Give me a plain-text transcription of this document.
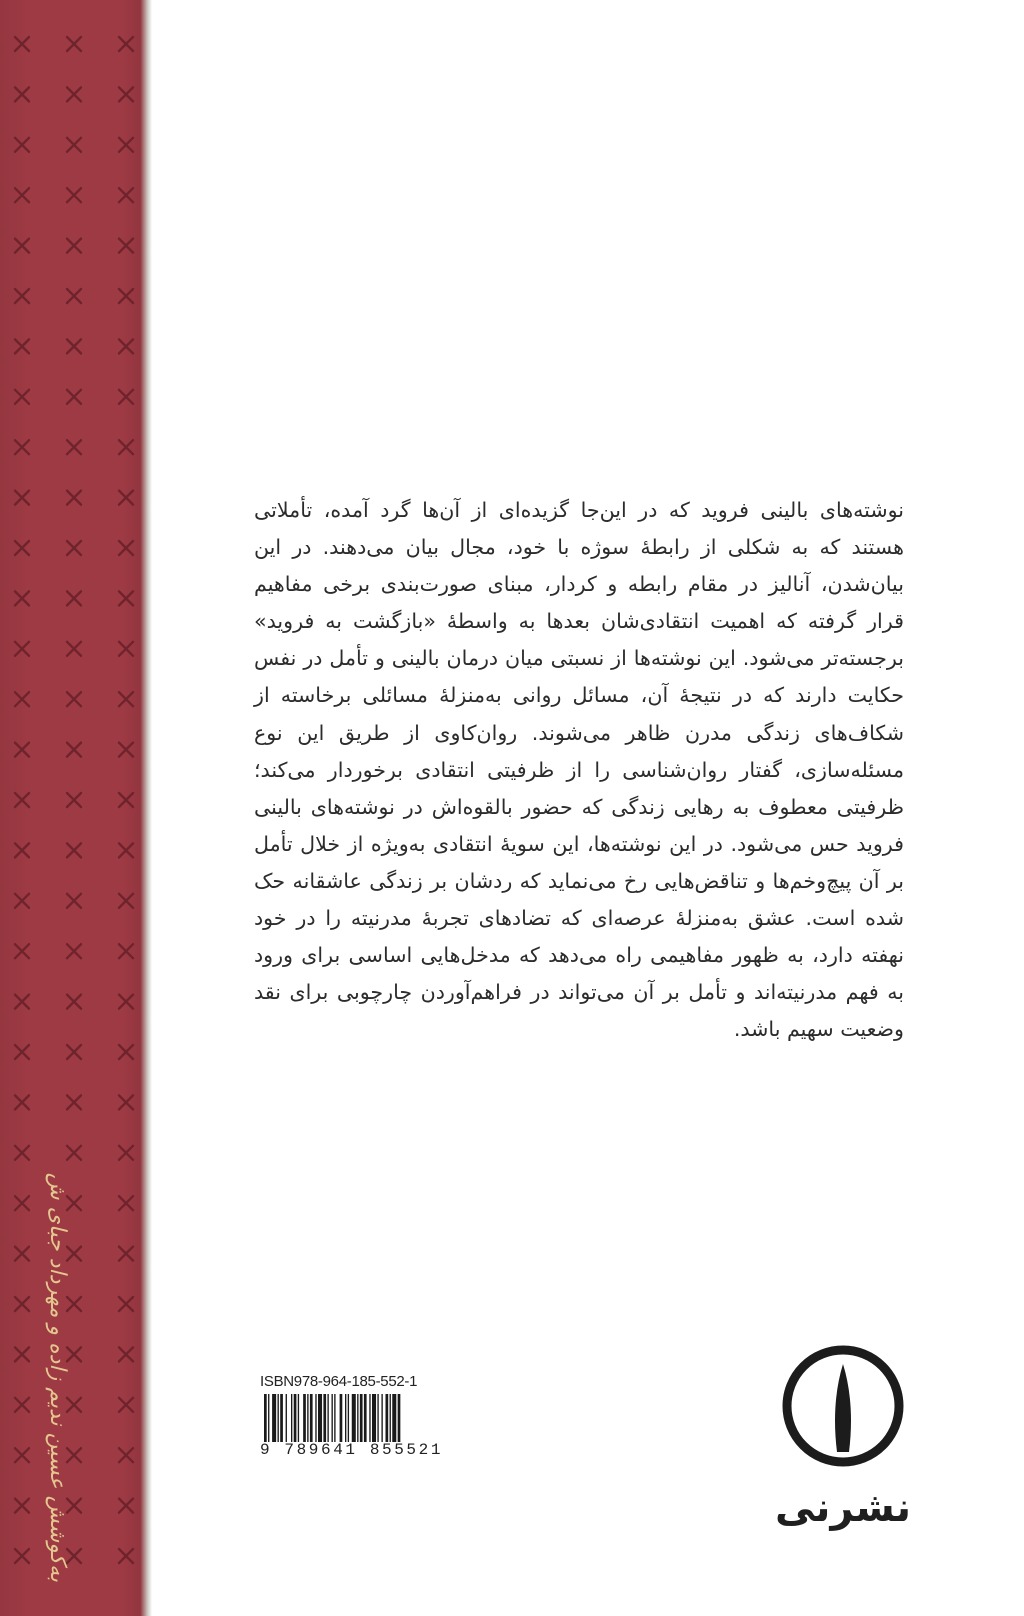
به‌کوشش عسین ندیم‌ زاده و مهرداد جبای‌ ش

نوشته‌های بالینی فروید که در این‌جا گزیده‌ای از آن‌ها گرد آمده، تأملاتی هستند که به شکلی از رابطهٔ سوژه با خود، مجال بیان می‌دهند. در این بیان‌شدن، آنالیز در مقام رابطه و کردار، مبنای صورت‌بندی برخی مفاهیم قرار گرفته که اهمیت انتقادی‌شان بعدها به واسطهٔ «بازگشت به فروید» برجسته‌تر می‌شود. این نوشته‌ها از نسبتی میان درمان بالینی و تأمل در نفس حکایت دارند که در نتیجهٔ آن، مسائل روانی به‌منزلهٔ مسائلی برخاسته از شکاف‌های زندگی مدرن ظاهر می‌شوند. روان‌کاوی از طریق این نوع مسئله‌سازی، گفتار روان‌شناسی را از ظرفیتی انتقادی برخوردار می‌کند؛ ظرفیتی معطوف به رهایی زندگی که حضور بالقوه‌اش در نوشته‌های بالینی فروید حس می‌شود. در این نوشته‌ها، این سویهٔ انتقادی به‌ویژه از خلال تأمل بر آن پیچ‌وخم‌ها و تناقض‌هایی رخ می‌نماید که ردشان بر زندگی عاشقانه حک شده است. عشق به‌منزلهٔ عرصه‌ای که تضادهای تجربهٔ مدرنیته را در خود نهفته دارد، به ظهور مفاهیمی راه می‌دهد که مدخل‌هایی اساسی برای ورود به فهم مدرنیته‌اند و تأمل بر آن می‌تواند در فراهم‌آوردن چارچوبی برای نقد وضعیت سهیم باشد.

ISBN978-964-185-552-1
9 789641 855521
نشرنی
